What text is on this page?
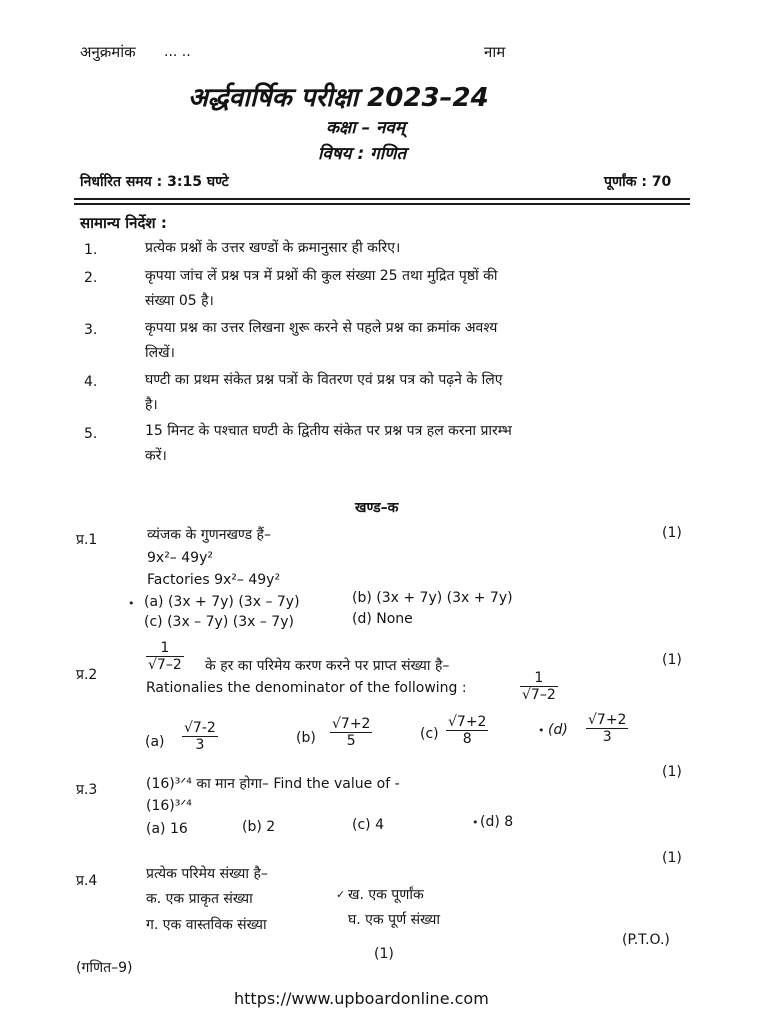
अनुक्रमांक ... ..	नाम
अर्द्धवार्षिक परीक्षा 2023–24
कक्षा – नवम्
विषय : गणित
निर्धारित समय : 3:15 घण्टे	पूर्णांक : 70
सामान्य निर्देश :
1.	प्रत्येक प्रश्नों के उत्तर खण्डों के क्रमानुसार ही करिए।
2.	कृपया जांच लें प्रश्न पत्र में प्रश्नों की कुल संख्या 25 तथा मुद्रित पृष्ठों की
संख्या 05 है।
3.	कृपया प्रश्न का उत्तर लिखना शुरू करने से पहले प्रश्न का क्रमांक अवश्य
लिखें।
4.	घण्टी का प्रथम संकेत प्रश्न पत्रों के वितरण एवं प्रश्न पत्र को पढ़ने के लिए
है।
5.	15 मिनट के पश्चात घण्टी के द्वितीय संकेत पर प्रश्न पत्र हल करना प्रारम्भ
करें।
खण्ड–क
प्र.1	व्यंजक के गुणनखण्ड हैं–	(1)
9x²– 49y²
Factories 9x²– 49y²
• (a) (3x + 7y) (3x – 7y)	(b) (3x + 7y) (3x + 7y)
(c) (3x – 7y) (3x – 7y)	(d) None
प्र.2
$\frac{1}{√7-2}$ के हर का परिमेय करण करने पर प्राप्त संख्या है–	(1)
Rationalies the denominator of the following :	$\frac{1}{√7-2}$
$(a) \frac{√7-2}{3}$	$(b) \frac{√7+2}{5}$	$(c) \frac{√7+2}{8}$	• $(d) \frac{√7+2}{3}$
प्र.3	(16)³ᐟ⁴ का मान होगा– Find the value of -
(1)
(16)³ᐟ⁴
(a) 16	(b) 2	(c) 4	• (d) 8
प्र.4	प्रत्येक परिमेय संख्या है–
(1)
क. एक प्राकृत संख्या	✓ ख. एक पूर्णांक
ग. एक वास्तविक संख्या	घ. एक पूर्ण संख्या
(P.T.O.)
(गणित–9)
(1)
https://www.upboardonline.com
